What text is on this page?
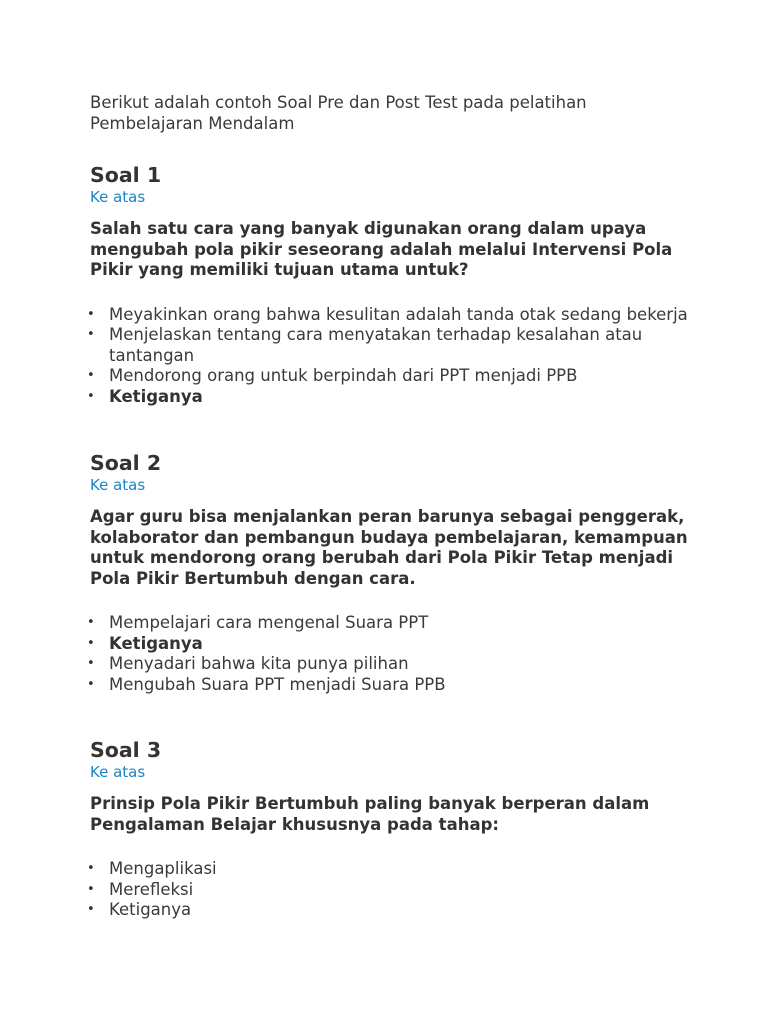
Berikut adalah contoh Soal Pre dan Post Test pada pelatihan Pembelajaran Mendalam

Soal 1
Ke atas

Salah satu cara yang banyak digunakan orang dalam upaya mengubah pola pikir seseorang adalah melalui Intervensi Pola Pikir yang memiliki tujuan utama untuk?

• Meyakinkan orang bahwa kesulitan adalah tanda otak sedang bekerja
• Menjelaskan tentang cara menyatakan terhadap kesalahan atau tantangan
• Mendorong orang untuk berpindah dari PPT menjadi PPB
• Ketiganya
Soal 2
Ke atas

Agar guru bisa menjalankan peran barunya sebagai penggerak, kolaborator dan pembangun budaya pembelajaran, kemampuan untuk mendorong orang berubah dari Pola Pikir Tetap menjadi Pola Pikir Bertumbuh dengan cara.

• Mempelajari cara mengenal Suara PPT
• Ketiganya
• Menyadari bahwa kita punya pilihan
• Mengubah Suara PPT menjadi Suara PPB
Soal 3
Ke atas

Prinsip Pola Pikir Bertumbuh paling banyak berperan dalam Pengalaman Belajar khususnya pada tahap:

• Mengaplikasi
• Merefleksi
• Ketiganya
